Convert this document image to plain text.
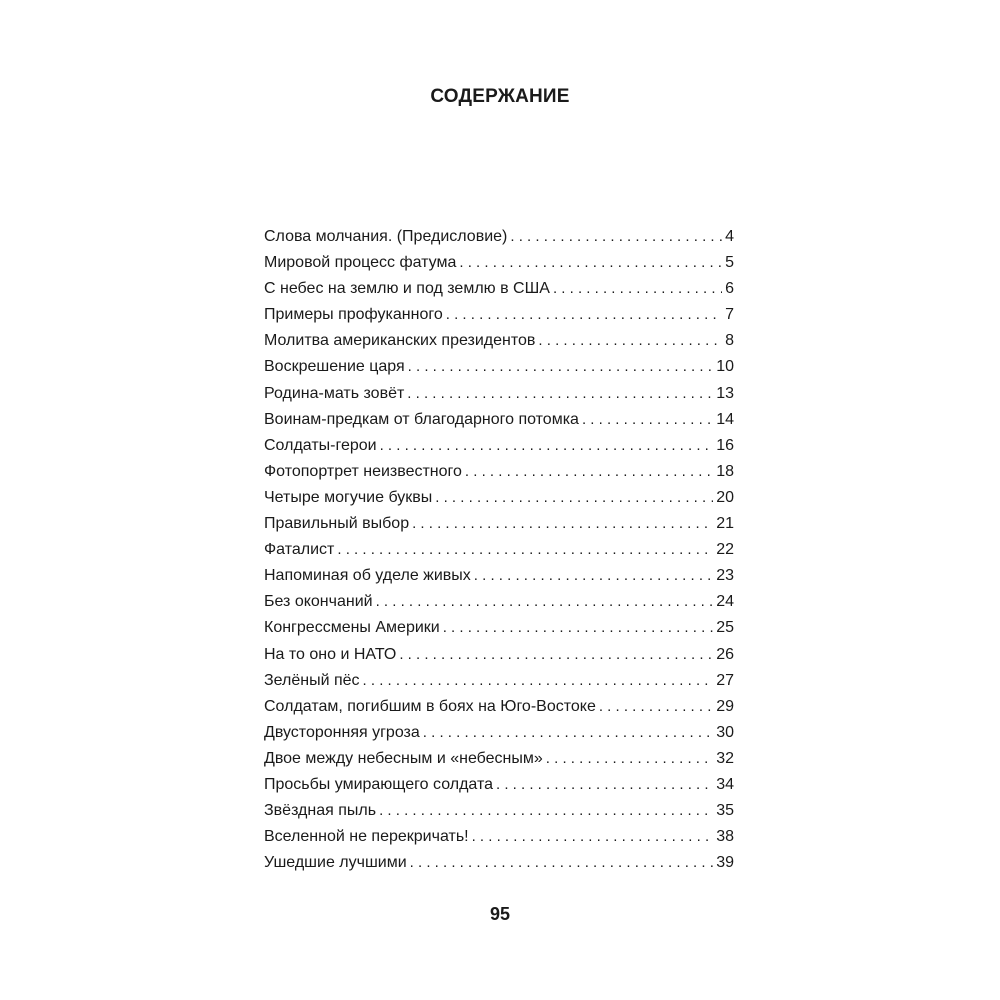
СОДЕРЖАНИЕ
Слова молчания. (Предисловие) . . .	4
Мировой процесс фатума . . .	5
С небес на землю и под землю в США . . .	6
Примеры профуканного . . .	7
Молитва американских президентов . . .	8
Воскрешение царя . . .	10
Родина-мать зовёт . . .	13
Воинам-предкам от благодарного потомка . . .	14
Солдаты-герои . . .	16
Фотопортрет неизвестного . . .	18
Четыре могучие буквы . . .	20
Правильный выбор . . .	21
Фаталист . . .	22
Напоминая об уделе живых . . .	23
Без окончаний . . .	24
Конгрессмены Америки . . .	25
На то оно и НАТО . . .	26
Зелёный пёс . . .	27
Солдатам, погибшим в боях на Юго-Востоке . . .	29
Двусторонняя угроза . . .	30
Двое между небесным и «небесным» . . .	32
Просьбы умирающего солдата . . .	34
Звёздная пыль . . .	35
Вселенной не перекричать! . . .	38
Ушедшие лучшими . . .	39
95
